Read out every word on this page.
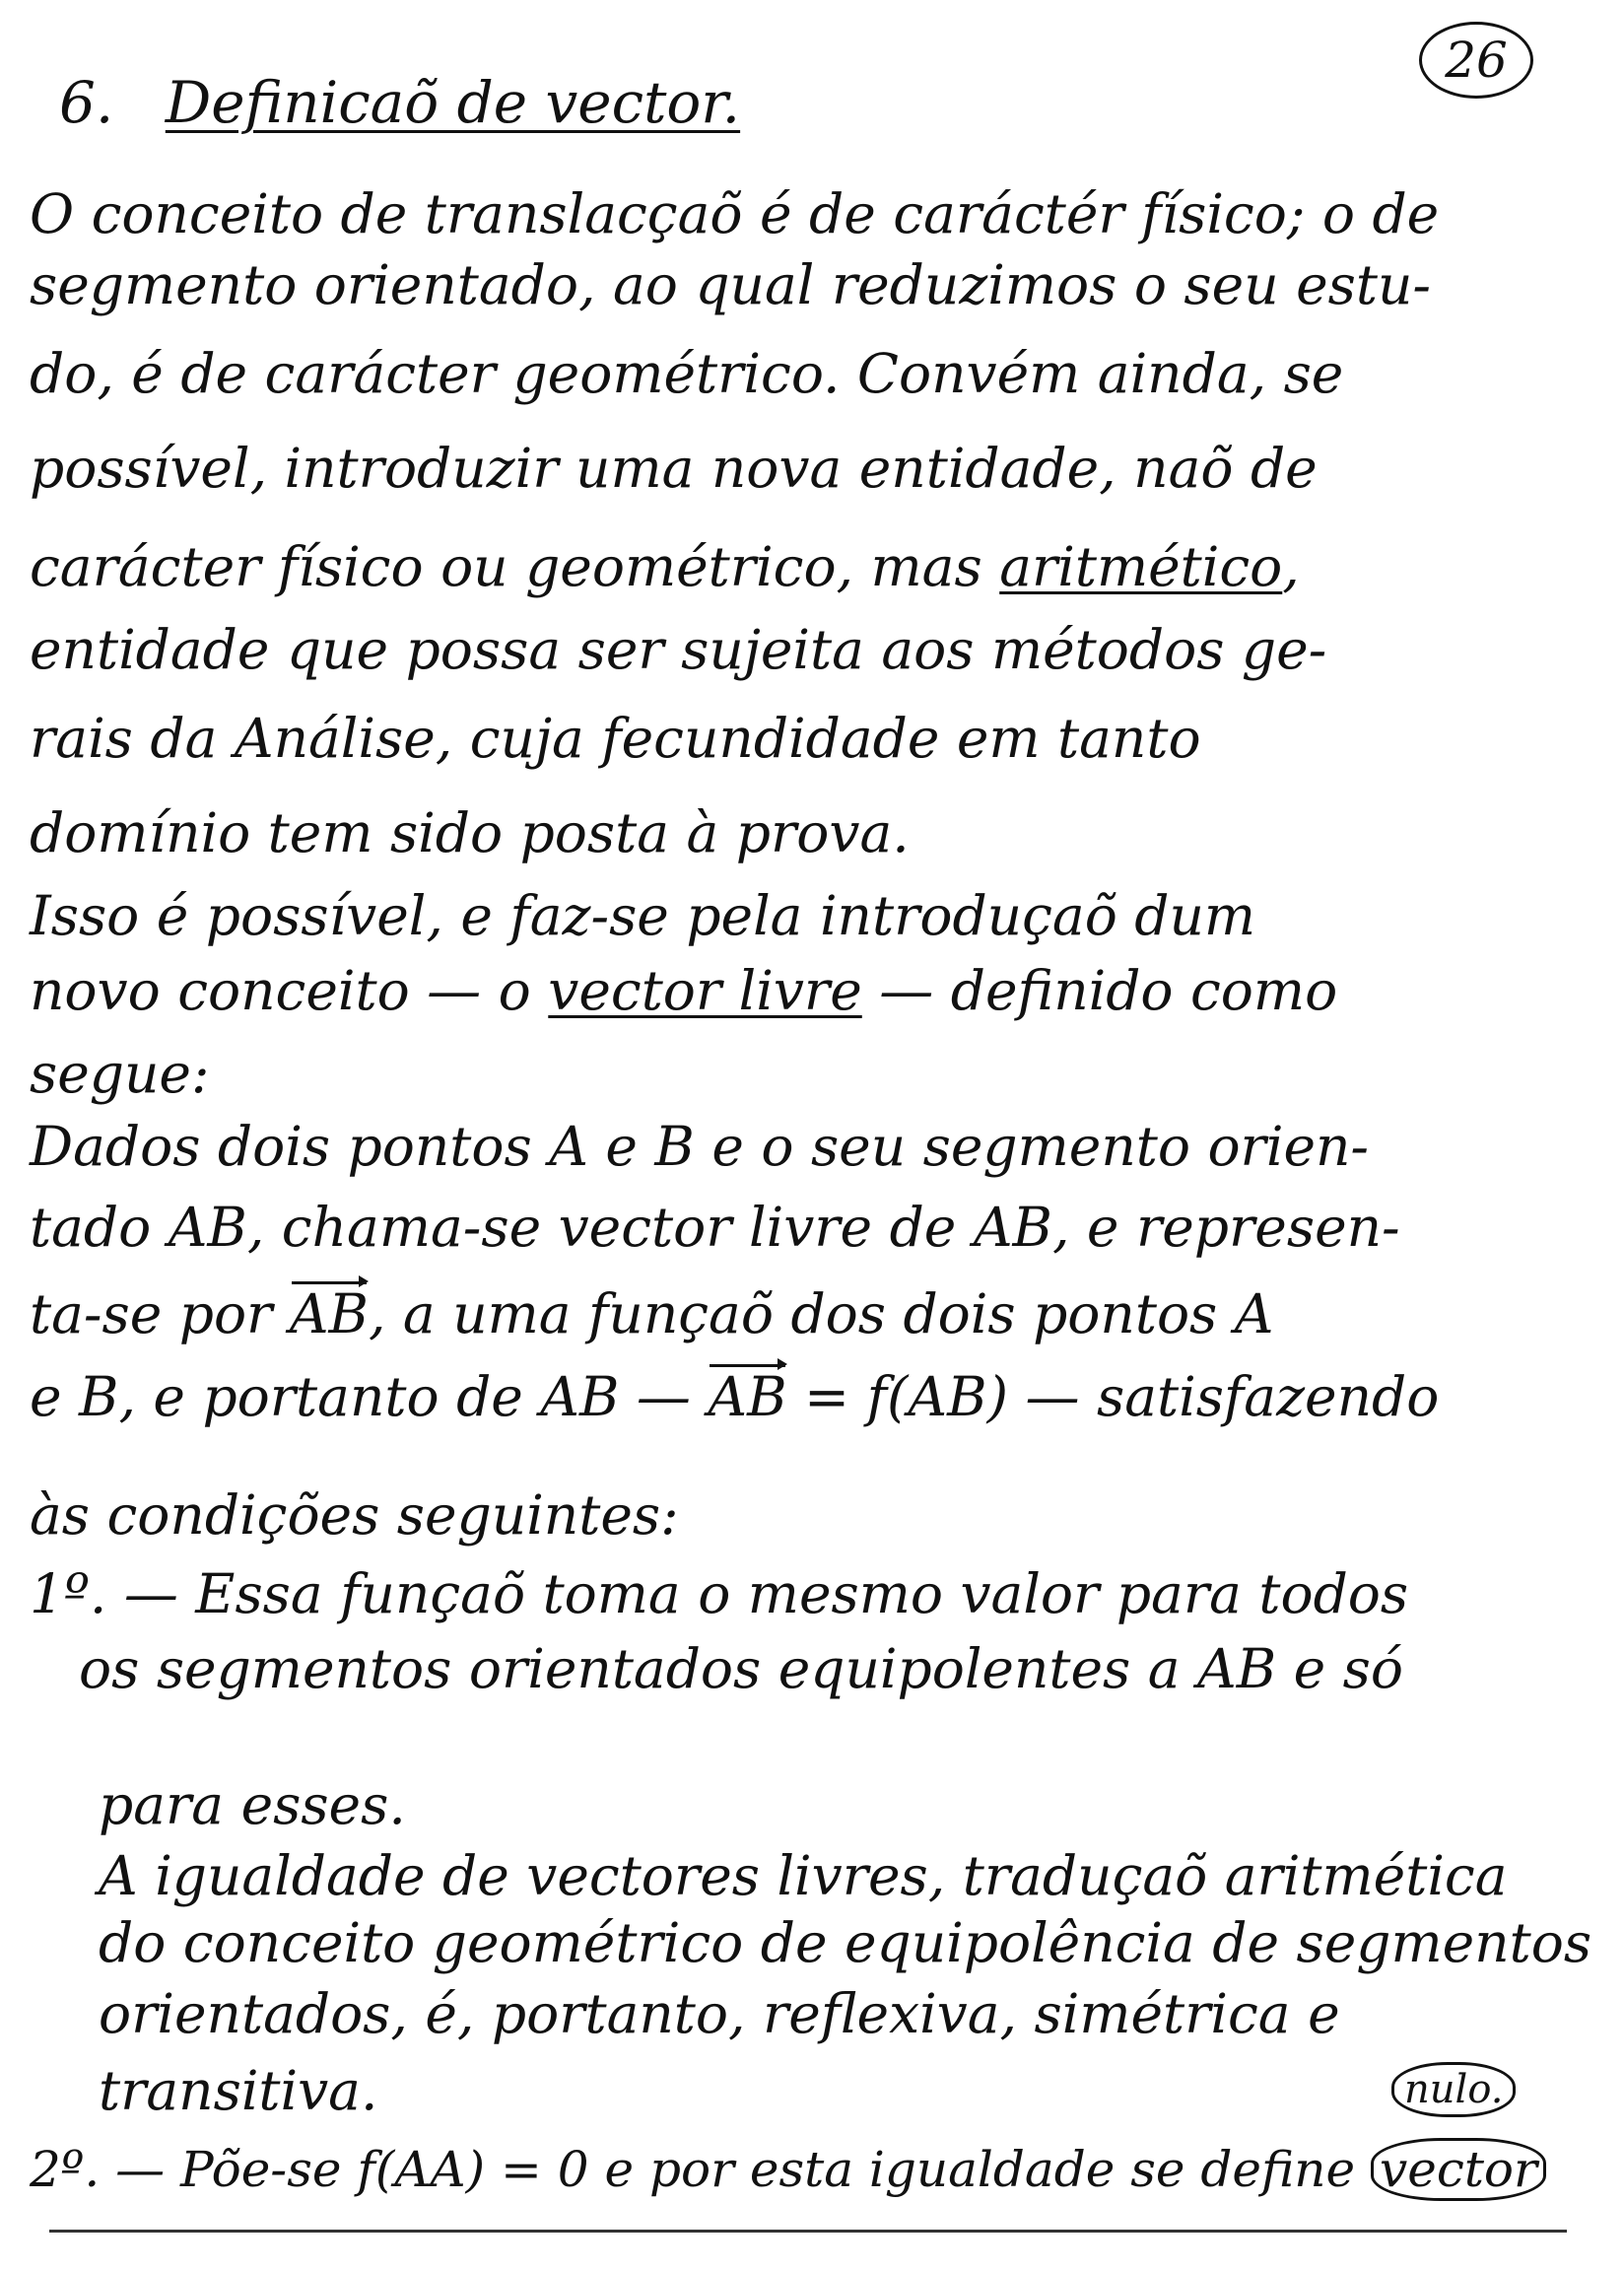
26
6. Definicaõ de vector.
O conceito de translacçaõ é de caráctér físico; o de
segmento orientado, ao qual reduzimos o seu estu-
do, é de carácter geométrico. Convém ainda, se
possível, introduzir uma nova entidade, naõ de
carácter físico ou geométrico, mas aritmético,
entidade que possa ser sujeita aos métodos ge-
rais da Análise, cuja fecundidade em tanto
domínio tem sido posta à prova.
Isso é possível, e faz-se pela introduçaõ dum
novo conceito — o vector livre — definido como
segue:
Dados dois pontos A e B e o seu segmento orien-
tado AB, chama-se vector livre de AB, e represen-
ta-se por AB, a uma funçaõ dos dois pontos A
e B, e portanto de AB — AB = f(AB) — satisfazendo
às condições seguintes:
1º. — Essa funçaõ toma o mesmo valor para todos
os segmentos orientados equipolentes a AB e só
para esses.
A igualdade de vectores livres, traduçaõ aritmética
do conceito geométrico de equipolência de segmentos
orientados, é, portanto, reflexiva, simétrica e
transitiva.
2º. — Põe-se f(AA) = 0 e por esta igualdade se define vector
nulo.
